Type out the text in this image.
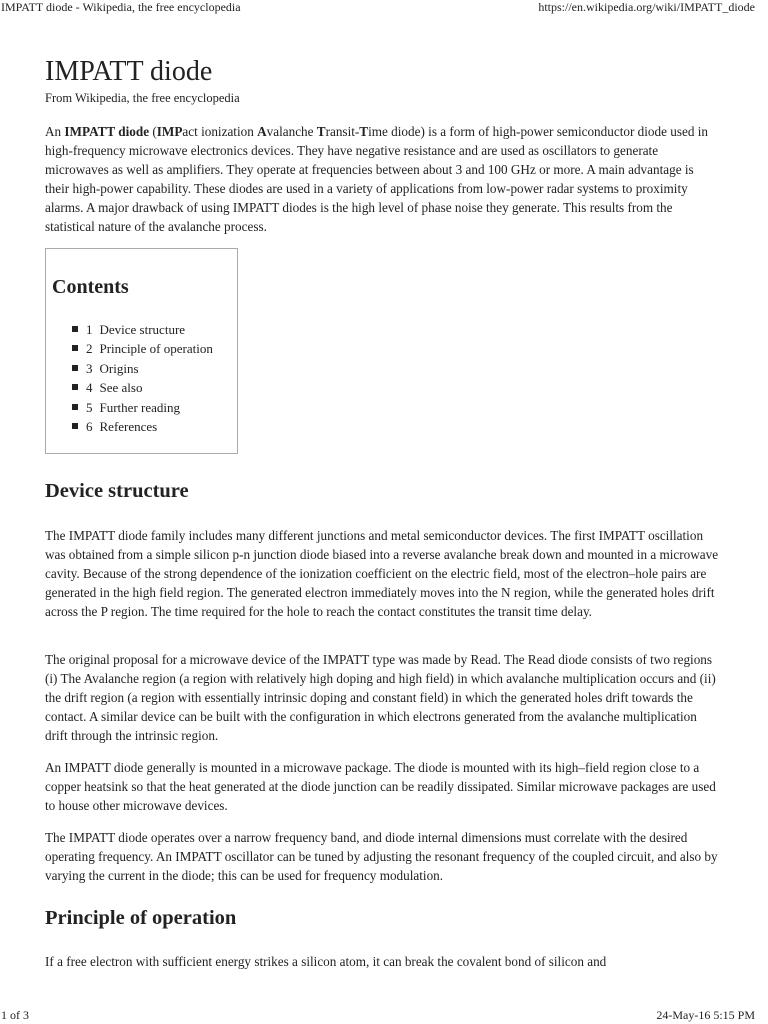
IMPATT diode - Wikipedia, the free encyclopedia	https://en.wikipedia.org/wiki/IMPATT_diode
IMPATT diode
From Wikipedia, the free encyclopedia

An IMPATT diode (IMPact ionization Avalanche Transit-Time diode) is a form of high-power semiconductor diode used in high-frequency microwave electronics devices. They have negative resistance and are used as oscillators to generate microwaves as well as amplifiers. They operate at frequencies between about 3 and 100 GHz or more. A main advantage is their high-power capability. These diodes are used in a variety of applications from low-power radar systems to proximity alarms. A major drawback of using IMPATT diodes is the high level of phase noise they generate. This results from the statistical nature of the avalanche process.

Contents
1 Device structure
2 Principle of operation
3 Origins
4 See also
5 Further reading
6 References
Device structure

The IMPATT diode family includes many different junctions and metal semiconductor devices. The first IMPATT oscillation was obtained from a simple silicon p-n junction diode biased into a reverse avalanche break down and mounted in a microwave cavity. Because of the strong dependence of the ionization coefficient on the electric field, most of the electron–hole pairs are generated in the high field region. The generated electron immediately moves into the N region, while the generated holes drift across the P region. The time required for the hole to reach the contact constitutes the transit time delay.

The original proposal for a microwave device of the IMPATT type was made by Read. The Read diode consists of two regions (i) The Avalanche region (a region with relatively high doping and high field) in which avalanche multiplication occurs and (ii) the drift region (a region with essentially intrinsic doping and constant field) in which the generated holes drift towards the contact. A similar device can be built with the configuration in which electrons generated from the avalanche multiplication drift through the intrinsic region.

An IMPATT diode generally is mounted in a microwave package. The diode is mounted with its high–field region close to a copper heatsink so that the heat generated at the diode junction can be readily dissipated. Similar microwave packages are used to house other microwave devices.

The IMPATT diode operates over a narrow frequency band, and diode internal dimensions must correlate with the desired operating frequency. An IMPATT oscillator can be tuned by adjusting the resonant frequency of the coupled circuit, and also by varying the current in the diode; this can be used for frequency modulation.

Principle of operation

If a free electron with sufficient energy strikes a silicon atom, it can break the covalent bond of silicon and

1 of 3	24-May-16 5:15 PM
